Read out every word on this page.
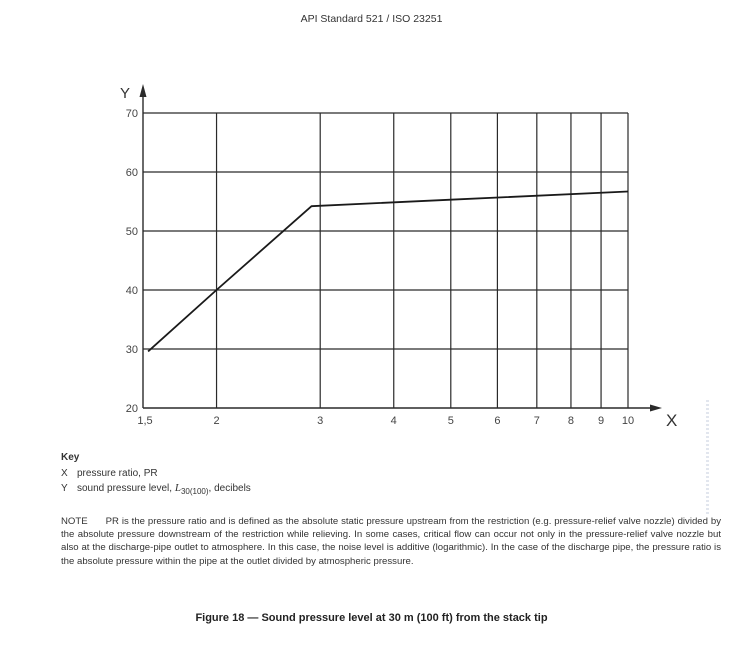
API Standard 521 / ISO 23251
20
30
40
50
60
70
1,5	2	3	4	5	6	7	8 9 10
Y
X
Key
X pressure ratio, PR
Y sound pressure level, $L_{30(100)}$, decibels
NOTE PR is the pressure ratio and is defined as the absolute static pressure upstream from the restriction (e.g. pressure-relief valve nozzle) divided by the absolute pressure downstream of the restriction while relieving. In some cases, critical flow can occur not only in the pressure-relief valve nozzle but also at the discharge-pipe outlet to atmosphere. In this case, the noise level is additive (logarithmic). In the case of the discharge pipe, the pressure ratio is the absolute pressure within the pipe at the outlet divided by atmospheric pressure.
Figure 18 — Sound pressure level at 30 m (100 ft) from the stack tip
